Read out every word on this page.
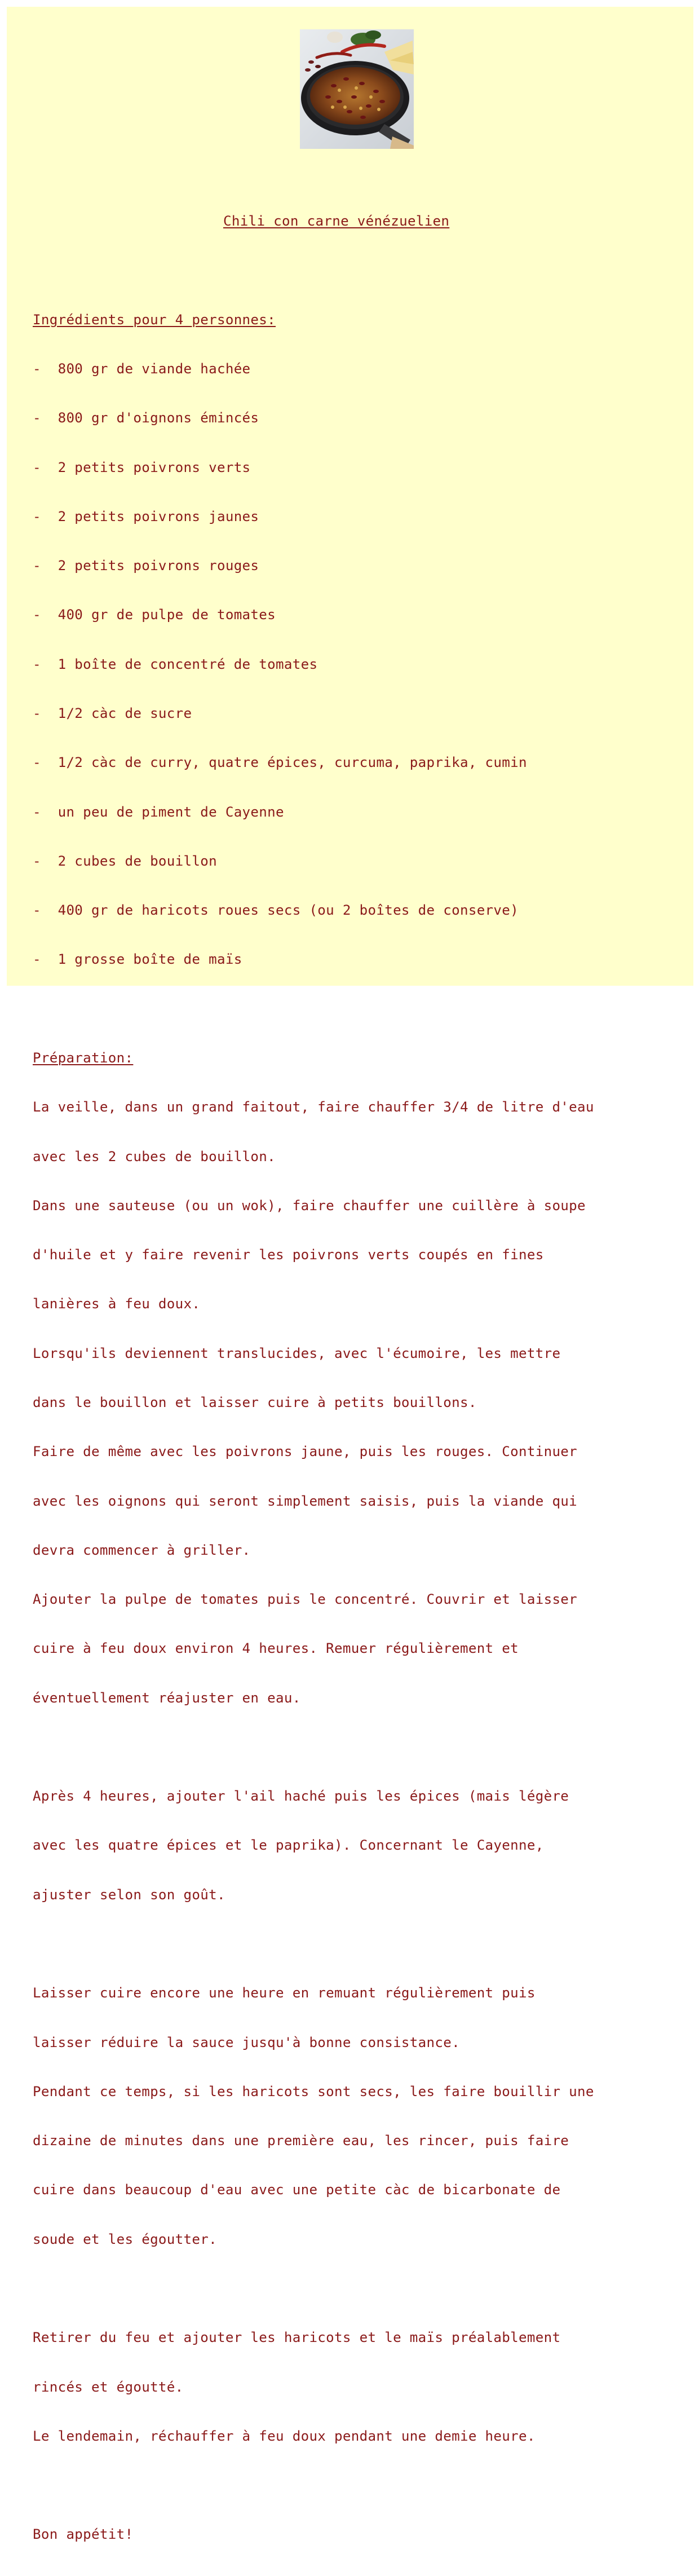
Chili con carne vénézuelien

Ingrédients pour 4 personnes:

-  800 gr de viande hachée

-  800 gr d'oignons émincés

-  2 petits poivrons verts

-  2 petits poivrons jaunes

-  2 petits poivrons rouges

-  400 gr de pulpe de tomates

-  1 boîte de concentré de tomates

-  1/2 càc de sucre

-  1/2 càc de curry, quatre épices, curcuma, paprika, cumin

-  un peu de piment de Cayenne

-  2 cubes de bouillon

-  400 gr de haricots roues secs (ou 2 boîtes de conserve)

-  1 grosse boîte de maïs

Préparation:

La veille, dans un grand faitout, faire chauffer 3/4 de litre d'eau

avec les 2 cubes de bouillon.

Dans une sauteuse (ou un wok), faire chauffer une cuillère à soupe

d'huile et y faire revenir les poivrons verts coupés en fines

lanières à feu doux.

Lorsqu'ils deviennent translucides, avec l'écumoire, les mettre

dans le bouillon et laisser cuire à petits bouillons.

Faire de même avec les poivrons jaune, puis les rouges. Continuer

avec les oignons qui seront simplement saisis, puis la viande qui

devra commencer à griller.

Ajouter la pulpe de tomates puis le concentré. Couvrir et laisser

cuire à feu doux environ 4 heures. Remuer régulièrement et

éventuellement réajuster en eau.

Après 4 heures, ajouter l'ail haché puis les épices (mais légère

avec les quatre épices et le paprika). Concernant le Cayenne,

ajuster selon son goût.

Laisser cuire encore une heure en remuant régulièrement puis

laisser réduire la sauce jusqu'à bonne consistance.

Pendant ce temps, si les haricots sont secs, les faire bouillir une

dizaine de minutes dans une première eau, les rincer, puis faire

cuire dans beaucoup d'eau avec une petite càc de bicarbonate de

soude et les égoutter.

Retirer du feu et ajouter les haricots et le maïs préalablement

rincés et égoutté.

Le lendemain, réchauffer à feu doux pendant une demie heure.

Bon appétit!
